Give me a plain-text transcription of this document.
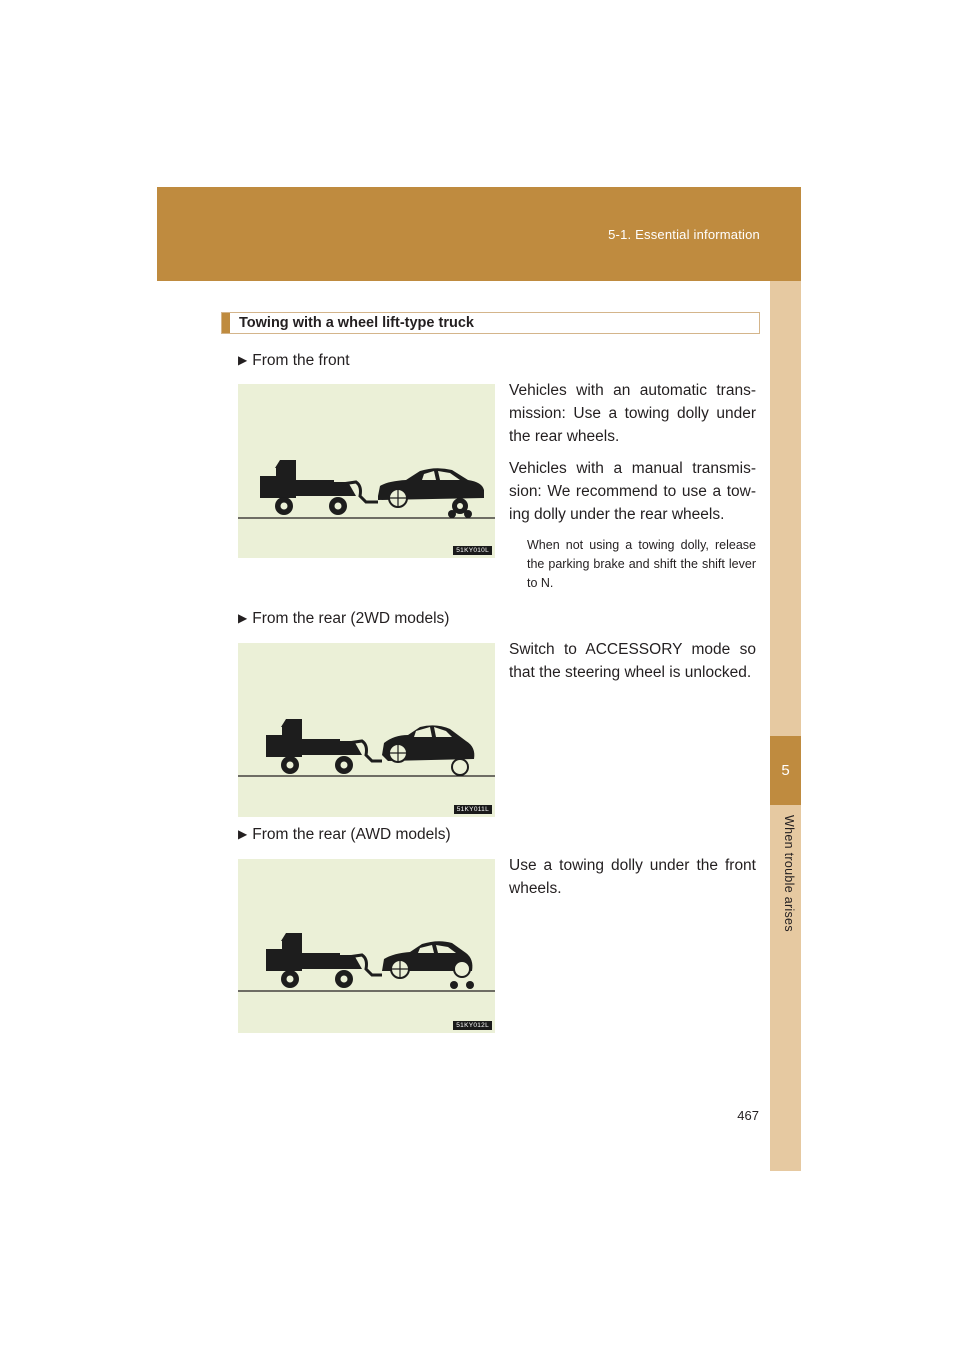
5-1. Essential information
5
When trouble arises
Towing with a wheel lift-type truck
▶ From the front
51KY010L

Vehicles with an automatic trans-mission: Use a towing dolly under the rear wheels.

Vehicles with a manual transmis-sion: We recommend to use a tow-ing dolly under the rear wheels.

When not using a towing dolly, release the parking brake and shift the shift lever to N.

▶ From the rear (2WD models)
51KY011L

Switch to ACCESSORY mode so that the steering wheel is unlocked.

▶ From the rear (AWD models)
51KY012L

Use a towing dolly under the front wheels.

467
